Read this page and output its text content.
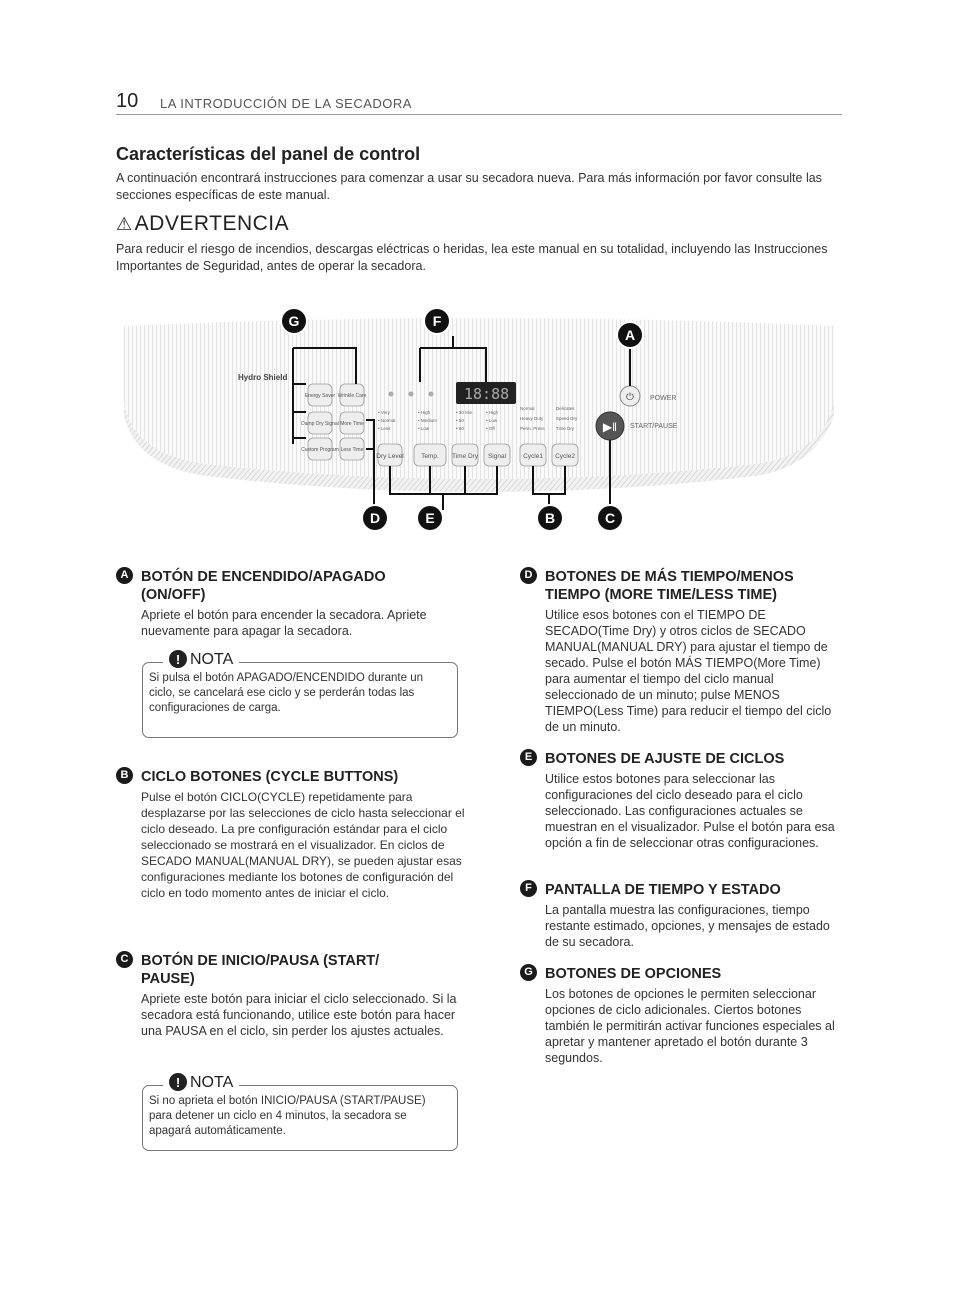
10 LA INTRODUCCIÓN DE LA SECADORA
Características del panel de control
A continuación encontrará instrucciones para comenzar a usar su secadora nueva. Para más información por favor consulte las secciones específicas de este manual.
⚠ADVERTENCIA
Para reducir el riesgo de incendios, descargas eléctricas o heridas, lea este manual en su totalidad, incluyendo las Instrucciones Importantes de Seguridad, antes de operar la secadora.
Hydro Shield
18:88
• Very
• Normal
• Less
• High
• Medium
• Low
• 30 Min
• 50
• 60
• High
• Low
• Off
Normal
Heavy Duty
Perm. Press
Delicates
Speed Dry
Time Dry
Dry Level	Temp. Time Dry Signal	Cycle1 Cycle2
Energy Saver Wrinkle Care
Damp Dry Signal More Time
Custom Program Less Time
⏻ POWER
▶‖ START/PAUSE
G	F
A
D	E	B	C
A BOTÓN DE ENCENDIDO/APAGADO
(ON/OFF)
Apriete el botón para encender la secadora. Apriete nuevamente para apagar la secadora.
! NOTA
Si pulsa el botón APAGADO/ENCENDIDO durante un ciclo, se cancelará ese ciclo y se perderán todas las configuraciones de carga.
B CICLO BOTONES (CYCLE BUTTONS)
Pulse el botón CICLO(CYCLE) repetidamente para desplazarse por las selecciones de ciclo hasta seleccionar el ciclo deseado. La pre configuración estándar para el ciclo seleccionado se mostrará en el visualizador. En ciclos de SECADO MANUAL(MANUAL DRY), se pueden ajustar esas configuraciones mediante los botones de configuración del ciclo en todo momento antes de iniciar el ciclo.
C BOTÓN DE INICIO/PAUSA (START/
PAUSE)
Apriete este botón para iniciar el ciclo seleccionado. Si la secadora está funcionando, utilice este botón para hacer una PAUSA en el ciclo, sin perder los ajustes actuales.
! NOTA
Si no aprieta el botón INICIO/PAUSA (START/PAUSE) para detener un ciclo en 4 minutos, la secadora se apagará automáticamente.
D BOTONES DE MÁS TIEMPO/MENOS
TIEMPO (MORE TIME/LESS TIME)
Utilice esos botones con el TIEMPO DE SECADO(Time Dry) y otros ciclos de SECADO MANUAL(MANUAL DRY) para ajustar el tiempo de secado. Pulse el botón MÁS TIEMPO(More Time) para aumentar el tiempo del ciclo manual seleccionado de un minuto; pulse MENOS TIEMPO(Less Time) para reducir el tiempo del ciclo de un minuto.
E BOTONES DE AJUSTE DE CICLOS
Utilice estos botones para seleccionar las configuraciones del ciclo deseado para el ciclo seleccionado. Las configuraciones actuales se muestran en el visualizador. Pulse el botón para esa opción a fin de seleccionar otras configuraciones.
F PANTALLA DE TIEMPO Y ESTADO
La pantalla muestra las configuraciones, tiempo restante estimado, opciones, y mensajes de estado de su secadora.
G BOTONES DE OPCIONES
Los botones de opciones le permiten seleccionar opciones de ciclo adicionales. Ciertos botones también le permitirán activar funciones especiales al apretar y mantener apretado el botón durante 3 segundos.
